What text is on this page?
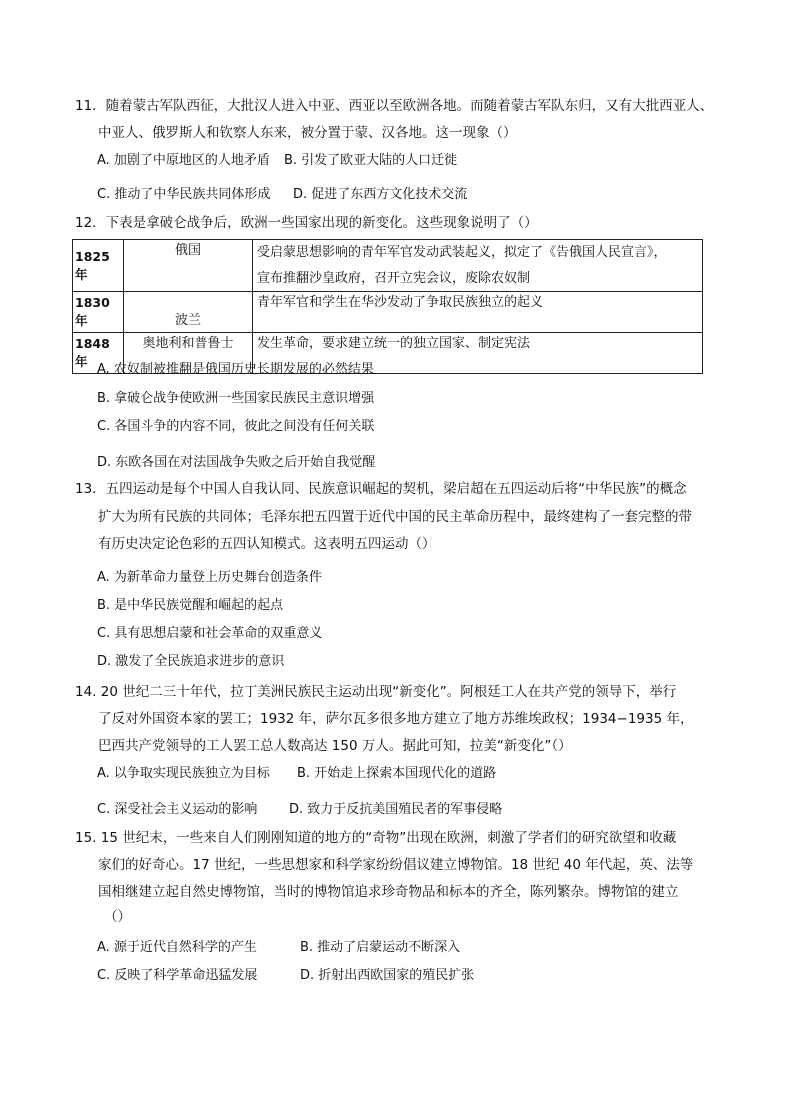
11．随着蒙古军队西征，大批汉人进入中亚、西亚以至欧洲各地。而随着蒙古军队东归，又有大批西亚人、
中亚人、俄罗斯人和钦察人东来，被分置于蒙、汉各地。这一现象（）
A. 加剧了中原地区的人地矛盾 B. 引发了欧亚大陆的人口迁徙
C. 推动了中华民族共同体形成 D. 促进了东西方文化技术交流
12．下表是拿破仑战争后，欧洲一些国家出现的新变化。这些现象说明了（）
1825 年	俄国	受启蒙思想影响的青年军官发动武装起义，拟定了《告俄国人民宣言》，
宣布推翻沙皇政府，召开立宪会议，废除农奴制

1830 年	波兰	青年军官和学生在华沙发动了争取民族独立的起义
1848 年	奥地利和普鲁士	发生革命，要求建立统一的独立国家、制定宪法
A. 农奴制被推翻是俄国历史长期发展的必然结果
B. 拿破仑战争使欧洲一些国家民族民主意识增强
C. 各国斗争的内容不同，彼此之间没有任何关联
D. 东欧各国在对法国战争失败之后开始自我觉醒
13．五四运动是每个中国人自我认同、民族意识崛起的契机，梁启超在五四运动后将“中华民族”的概念
扩大为所有民族的共同体；毛泽东把五四置于近代中国的民主革命历程中，最终建构了一套完整的带
有历史决定论色彩的五四认知模式。这表明五四运动（）
A. 为新革命力量登上历史舞台创造条件
B. 是中华民族觉醒和崛起的起点
C. 具有思想启蒙和社会革命的双重意义
D. 激发了全民族追求进步的意识
14. 20 世纪二三十年代，拉丁美洲民族民主运动出现“新变化”。阿根廷工人在共产党的领导下，举行
了反对外国资本家的罢工；1932 年，萨尔瓦多很多地方建立了地方苏维埃政权；1934−1935 年，
巴西共产党领导的工人罢工总人数高达 150 万人。据此可知，拉美“新变化”（）
A. 以争取实现民族独立为目标 B. 开始走上探索本国现代化的道路
C. 深受社会主义运动的影响 D. 致力于反抗美国殖民者的军事侵略
15. 15 世纪末，一些来自人们刚刚知道的地方的“奇物”出现在欧洲，刺激了学者们的研究欲望和收藏
家们的好奇心。17 世纪，一些思想家和科学家纷纷倡议建立博物馆。18 世纪 40 年代起，英、法等
国相继建立起自然史博物馆，当时的博物馆追求珍奇物品和标本的齐全，陈列繁杂。博物馆的建立
（）
A. 源于近代自然科学的产生	B. 推动了启蒙运动不断深入
C. 反映了科学革命迅猛发展	D. 折射出西欧国家的殖民扩张
